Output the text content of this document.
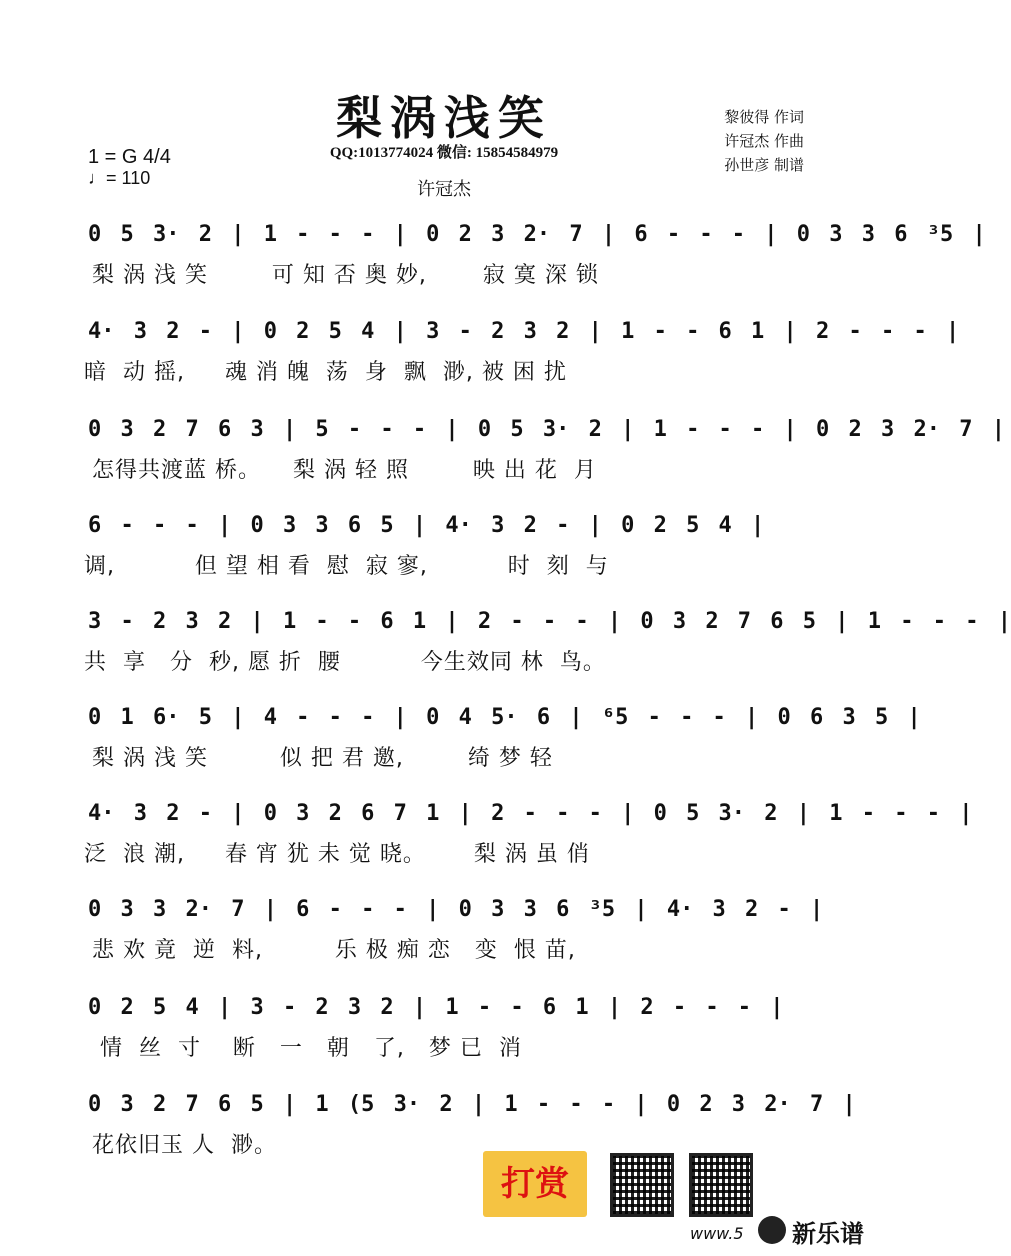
梨涡浅笑
QQ:1013774024 微信: 15854584979
许冠杰
黎彼得 作词
许冠杰 作曲
孙世彦 制谱
1 = G 4/4
♩= 110
0 5 3· 2 | 1 - - - | 0 2 3 2· 7 | 6 - - - | 0 3 3 6 ³5 |
梨 涡 浅 笑        可 知 否 奥 妙,       寂 寞 深 锁
4· 3 2 - | 0 2 5 4 | 3 - 2 3 2 | 1 - - 6 1 | 2 - - - |
暗  动 摇,     魂 消 魄  荡  身  飘  渺, 被 困 扰
0 3 2 7 6 3 | 5 - - - | 0 5 3· 2 | 1 - - - | 0 2 3 2· 7 |
怎得共渡蓝 桥。    梨 涡 轻 照        映 出 花  月
6 - - - | 0 3 3 6 5 | 4· 3 2 - | 0 2 5 4 |
调,          但 望 相 看  慰  寂 寥,          时  刻  与
3 - 2 3 2 | 1 - - 6 1 | 2 - - - | 0 3 2 7 6 5 | 1 - - - |
共  享   分  秒, 愿 折  腰          今生效同 林  鸟。
0 1 6· 5 | 4 - - - | 0 4 5· 6 | ⁶5 - - - | 0 6 3 5 |
梨 涡 浅 笑         似 把 君 邀,        绮 梦 轻
4· 3 2 - | 0 3 2 6 7 1 | 2 - - - | 0 5 3· 2 | 1 - - - |
泛  浪 潮,     春 宵 犹 未 觉 晓。      梨 涡 虽 俏
0 3 3 2· 7 | 6 - - - | 0 3 3 6 ³5 | 4· 3 2 - |
悲 欢 竟  逆  料,         乐 极 痴 恋   变  恨 苗,
0 2 5 4 | 3 - 2 3 2 | 1 - - 6 1 | 2 - - - |
情  丝  寸    断   一   朝   了,   梦 已  消
0 3 2 7 6 5 | 1 (5 3· 2 | 1 - - - | 0 2 3 2· 7 |
花依旧玉 人  渺。
打赏
www.5 新乐谱
